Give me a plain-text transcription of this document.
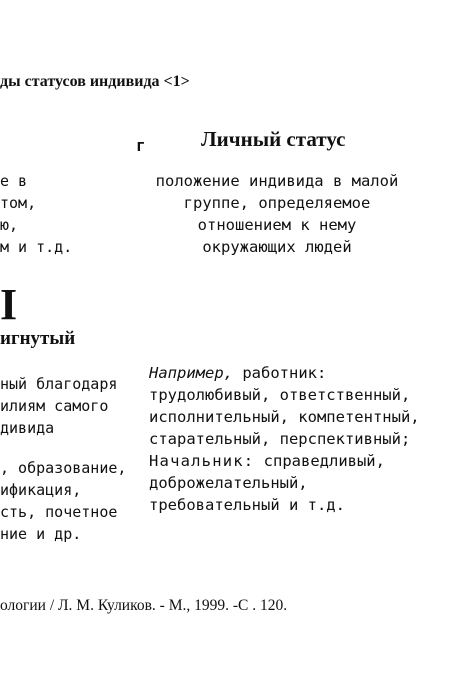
ды статусов индивида <1>
г	Личный статус
е в
том,
ю,
м и т.д.
положение индивида в малой
группе, определяемое
отношением к нему
окружающих людей
I
игнутый
ный благодаря
илиям самого
дивида
, образование,
ификация,
сть, почетное
ние и др.
Например, работник:
трудолюбивый, ответственный,
исполнительный, компетентный,
старательный, перспективный;
Начальник: справедливый,
доброжелательный,
требовательный и т.д.
ологии / Л. М. Куликов. - М., 1999. -С . 120.
